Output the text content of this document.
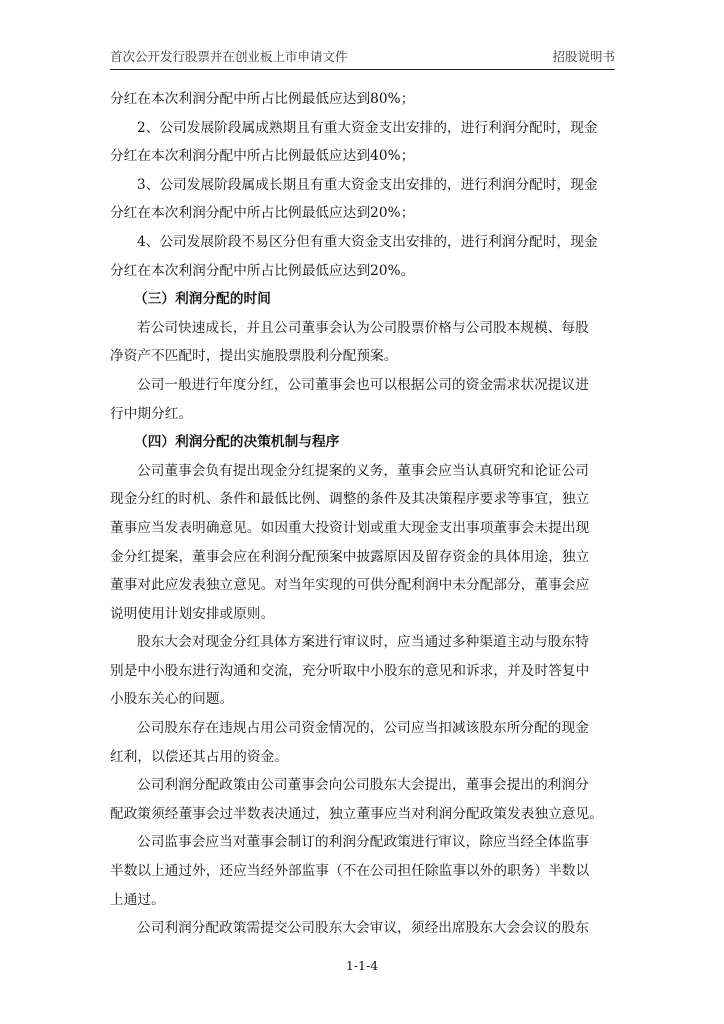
首次公开发行股票并在创业板上市申请文件	招股说明书
分红在本次利润分配中所占比例最低应达到80%；
2、公司发展阶段属成熟期且有重大资金支出安排的，进行利润分配时，现金
分红在本次利润分配中所占比例最低应达到40%；
3、公司发展阶段属成长期且有重大资金支出安排的，进行利润分配时，现金
分红在本次利润分配中所占比例最低应达到20%；
4、公司发展阶段不易区分但有重大资金支出安排的，进行利润分配时，现金
分红在本次利润分配中所占比例最低应达到20%。
（三）利润分配的时间
若公司快速成长，并且公司董事会认为公司股票价格与公司股本规模、每股
净资产不匹配时，提出实施股票股利分配预案。
公司一般进行年度分红，公司董事会也可以根据公司的资金需求状况提议进
行中期分红。
（四）利润分配的决策机制与程序
公司董事会负有提出现金分红提案的义务，董事会应当认真研究和论证公司
现金分红的时机、条件和最低比例、调整的条件及其决策程序要求等事宜，独立
董事应当发表明确意见。如因重大投资计划或重大现金支出事项董事会未提出现
金分红提案，董事会应在利润分配预案中披露原因及留存资金的具体用途，独立
董事对此应发表独立意见。对当年实现的可供分配利润中未分配部分，董事会应
说明使用计划安排或原则。
股东大会对现金分红具体方案进行审议时，应当通过多种渠道主动与股东特
别是中小股东进行沟通和交流，充分听取中小股东的意见和诉求，并及时答复中
小股东关心的问题。
公司股东存在违规占用公司资金情况的，公司应当扣减该股东所分配的现金
红利，以偿还其占用的资金。
公司利润分配政策由公司董事会向公司股东大会提出，董事会提出的利润分
配政策须经董事会过半数表决通过，独立董事应当对利润分配政策发表独立意见。
公司监事会应当对董事会制订的利润分配政策进行审议，除应当经全体监事
半数以上通过外，还应当经外部监事（不在公司担任除监事以外的职务）半数以
上通过。
公司利润分配政策需提交公司股东大会审议，须经出席股东大会会议的股东
1-1-4
